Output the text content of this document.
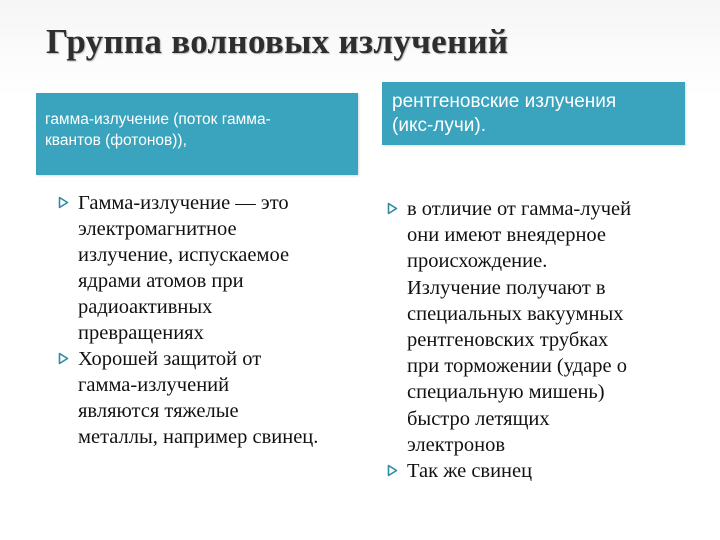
Группа волновых излучений
гамма-излучение (поток гамма-
квантов (фотонов)),
рентгеновские излучения
(икс-лучи).
Гамма-излучение — это
электромагнитное
излучение, испускаемое
ядрами атомов при
радиоактивных
превращениях
Хорошей защитой от
гамма-излучений
являются тяжелые
металлы, например свинец.
в отличие от гамма-лучей
они имеют внеядерное
происхождение.
Излучение получают в
специальных вакуумных
рентгеновских трубках
при торможении (ударе о
специальную мишень)
быстро летящих
электронов
Так же свинец
